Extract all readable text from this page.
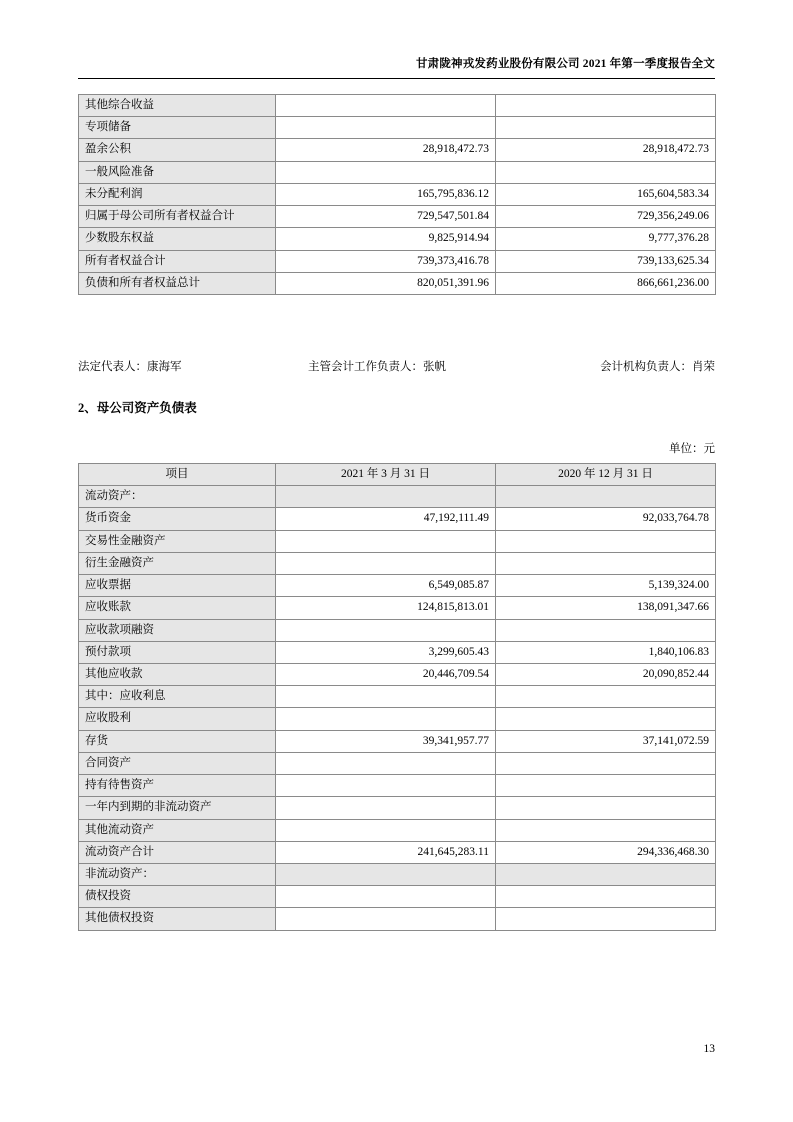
甘肃陇神戎发药业股份有限公司 2021 年第一季度报告全文
其他综合收益		
专项储备		
盈余公积	28,918,472.73	28,918,472.73
一般风险准备		
未分配利润	165,795,836.12	165,604,583.34
归属于母公司所有者权益合计	729,547,501.84	729,356,249.06
少数股东权益	9,825,914.94	9,777,376.28
所有者权益合计	739,373,416.78	739,133,625.34
负债和所有者权益总计	820,051,391.96	866,661,236.00
法定代表人：康海军	主管会计工作负责人：张帆	会计机构负责人：肖荣
2、母公司资产负债表
单位：元
项目	2021 年 3 月 31 日	2020 年 12 月 31 日
流动资产：		
货币资金	47,192,111.49	92,033,764.78
交易性金融资产		
衍生金融资产		
应收票据	6,549,085.87	5,139,324.00
应收账款	124,815,813.01	138,091,347.66
应收款项融资		
预付款项	3,299,605.43	1,840,106.83
其他应收款	20,446,709.54	20,090,852.44
其中：应收利息		
应收股利		
存货	39,341,957.77	37,141,072.59
合同资产		
持有待售资产		
一年内到期的非流动资产		
其他流动资产		
流动资产合计	241,645,283.11	294,336,468.30
非流动资产：		
债权投资		
其他债权投资		
13
